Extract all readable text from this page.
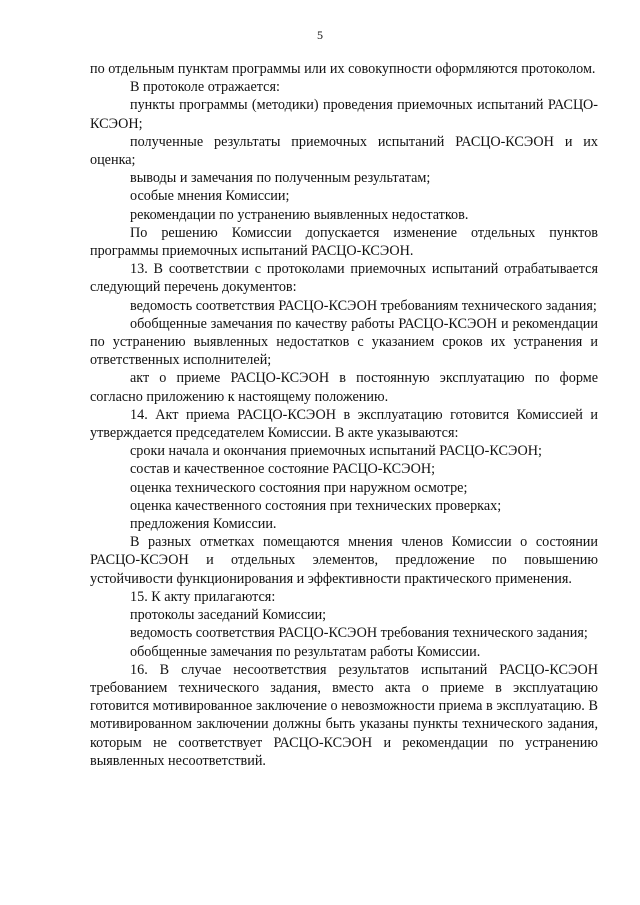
5

по отдельным пунктам программы или их совокупности оформляются протоколом.

В протоколе отражается:

пункты программы (методики) проведения приемочных испытаний РАСЦО-КСЭОН;

полученные результаты приемочных испытаний РАСЦО-КСЭОН и их оценка;

выводы и замечания по полученным результатам;

особые мнения Комиссии;

рекомендации по устранению выявленных недостатков.

По решению Комиссии допускается изменение отдельных пунктов программы приемочных испытаний РАСЦО-КСЭОН.

13. В соответствии с протоколами приемочных испытаний отрабатывается следующий перечень документов:

ведомость соответствия РАСЦО-КСЭОН требованиям технического задания;

обобщенные замечания по качеству работы РАСЦО-КСЭОН и рекомендации по устранению выявленных недостатков с указанием сроков их устранения и ответственных исполнителей;

акт о приеме РАСЦО-КСЭОН в постоянную эксплуатацию по форме согласно приложению к настоящему положению.

14. Акт приема РАСЦО-КСЭОН в эксплуатацию готовится Комиссией и утверждается председателем Комиссии. В акте указываются:

сроки начала и окончания приемочных испытаний РАСЦО-КСЭОН;

состав и качественное состояние РАСЦО-КСЭОН;

оценка технического состояния при наружном осмотре;

оценка качественного состояния при технических проверках;

предложения Комиссии.

В разных отметках помещаются мнения членов Комиссии о состоянии РАСЦО-КСЭОН и отдельных элементов, предложение по повышению устойчивости функционирования и эффективности практического применения.

15. К акту прилагаются:

протоколы заседаний Комиссии;

ведомость соответствия РАСЦО-КСЭОН требования технического задания;

обобщенные замечания по результатам работы Комиссии.

16. В случае несоответствия результатов испытаний РАСЦО-КСЭОН требованием технического задания, вместо акта о приеме в эксплуатацию готовится мотивированное заключение о невозможности приема в эксплуатацию. В мотивированном заключении должны быть указаны пункты технического задания, которым не соответствует РАСЦО-КСЭОН и рекомендации по устранению выявленных несоответствий.
